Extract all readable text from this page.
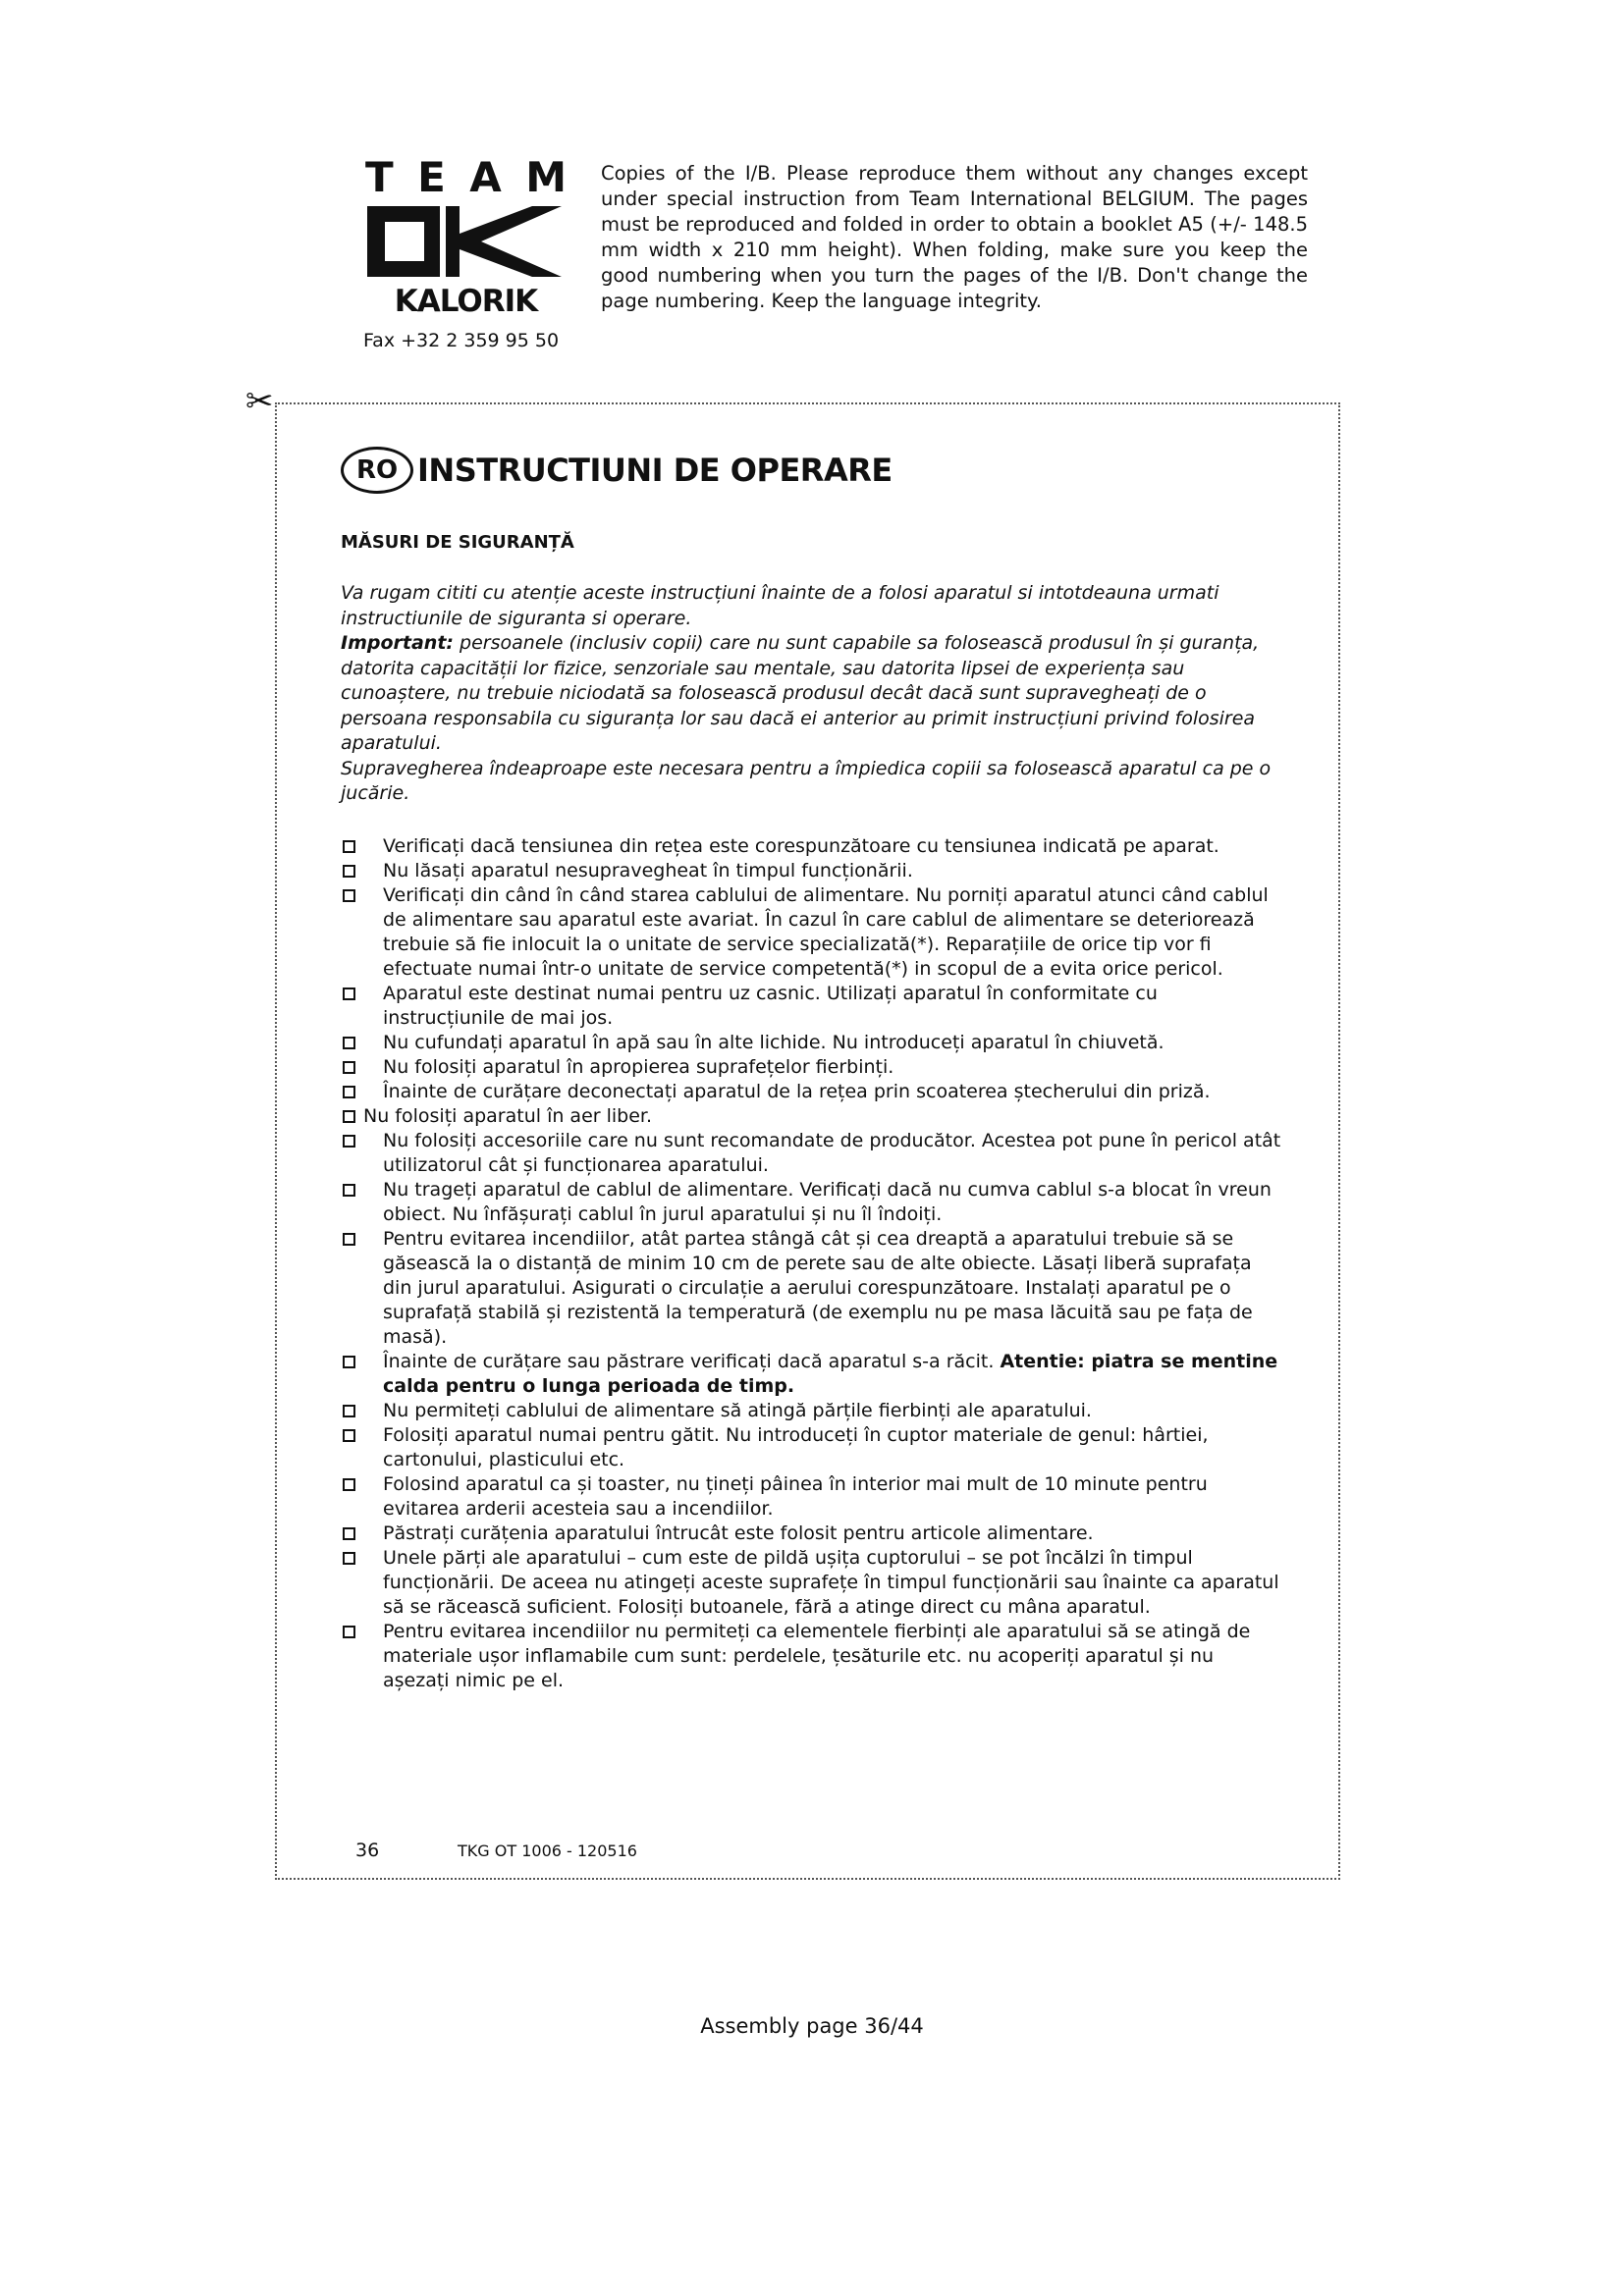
T E A M
KALORIK
Fax +32 2 359 95 50
Copies of the I/B. Please reproduce them without any changes except under special instruction from Team International BELGIUM. The pages must be reproduced and folded in order to obtain a booklet A5 (+/- 148.5 mm width x 210 mm height). When folding, make sure you keep the good numbering when you turn the pages of the I/B. Don't change the page numbering. Keep the language integrity.
✂
RO INSTRUCTIUNI DE OPERARE
MĂSURI DE SIGURANȚĂ

Va rugam cititi cu atenție aceste instrucțiuni înainte de a folosi aparatul si intotdeauna urmati instructiunile de siguranta si operare.

Important: persoanele (inclusiv copii) care nu sunt capabile sa folosească produsul în și guranța, datorita capacității lor fizice, senzoriale sau mentale, sau datorita lipsei de experiența sau cunoaștere, nu trebuie niciodată sa folosească produsul decât dacă sunt supravegheați de o persoana responsabila cu siguranța lor sau dacă ei anterior au primit instrucțiuni privind folosirea aparatului.

Supravegherea îndeaproape este necesara pentru a împiedica copiii sa folosească aparatul ca pe o jucărie.

Verificați dacă tensiunea din rețea este corespunzătoare cu tensiunea indicată pe aparat.
Nu lăsați aparatul nesupravegheat în timpul funcționării.
Verificați din când în când starea cablului de alimentare. Nu porniți aparatul atunci când cablul de alimentare sau aparatul este avariat. În cazul în care cablul de alimentare se deteriorează trebuie să fie inlocuit la o unitate de service specializată(*). Reparațiile de orice tip vor fi efectuate numai într-o unitate de service competentă(*) in scopul de a evita orice pericol.
Aparatul este destinat numai pentru uz casnic. Utilizați aparatul în conformitate cu instrucțiunile de mai jos.
Nu cufundați aparatul în apă sau în alte lichide. Nu introduceți aparatul în chiuvetă.
Nu folosiți aparatul în apropierea suprafețelor fierbinți.
Înainte de curățare deconectați aparatul de la rețea prin scoaterea ștecherului din priză.
Nu folosiți aparatul în aer liber.
Nu folosiți accesoriile care nu sunt recomandate de producător. Acestea pot pune în pericol atât utilizatorul cât și funcționarea aparatului.
Nu trageți aparatul de cablul de alimentare. Verificați dacă nu cumva cablul s-a blocat în vreun obiect. Nu înfășurați cablul în jurul aparatului și nu îl îndoiți.
Pentru evitarea incendiilor, atât partea stângă cât și cea dreaptă a aparatului trebuie să se găsească la o distanță de minim 10 cm de perete sau de alte obiecte. Lăsați liberă suprafața din jurul aparatului. Asigurati o circulație a aerului corespunzătoare. Instalați aparatul pe o suprafață stabilă și rezistentă la temperatură (de exemplu nu pe masa lăcuită sau pe fața de masă).
Înainte de curățare sau păstrare verificați dacă aparatul s-a răcit. Atentie: piatra se mentine calda pentru o lunga perioada de timp.
Nu permiteți cablului de alimentare să atingă părțile fierbinți ale aparatului.
Folosiți aparatul numai pentru gătit. Nu introduceți în cuptor materiale de genul: hârtiei, cartonului, plasticului etc.
Folosind aparatul ca și toaster, nu țineți pâinea în interior mai mult de 10 minute pentru evitarea arderii acesteia sau a incendiilor.
Păstrați curățenia aparatului întrucât este folosit pentru articole alimentare.
Unele părți ale aparatului – cum este de pildă ușița cuptorului – se pot încălzi în timpul funcționării. De aceea nu atingeți aceste suprafețe în timpul funcționării sau înainte ca aparatul să se răcească suficient. Folosiți butoanele, fără a atinge direct cu mâna aparatul.
Pentru evitarea incendiilor nu permiteți ca elementele fierbinți ale aparatului să se atingă de materiale ușor inflamabile cum sunt: perdelele, țesăturile etc. nu acoperiți aparatul și nu așezați nimic pe el.
36	TKG OT 1006 - 120516
Assembly page 36/44
